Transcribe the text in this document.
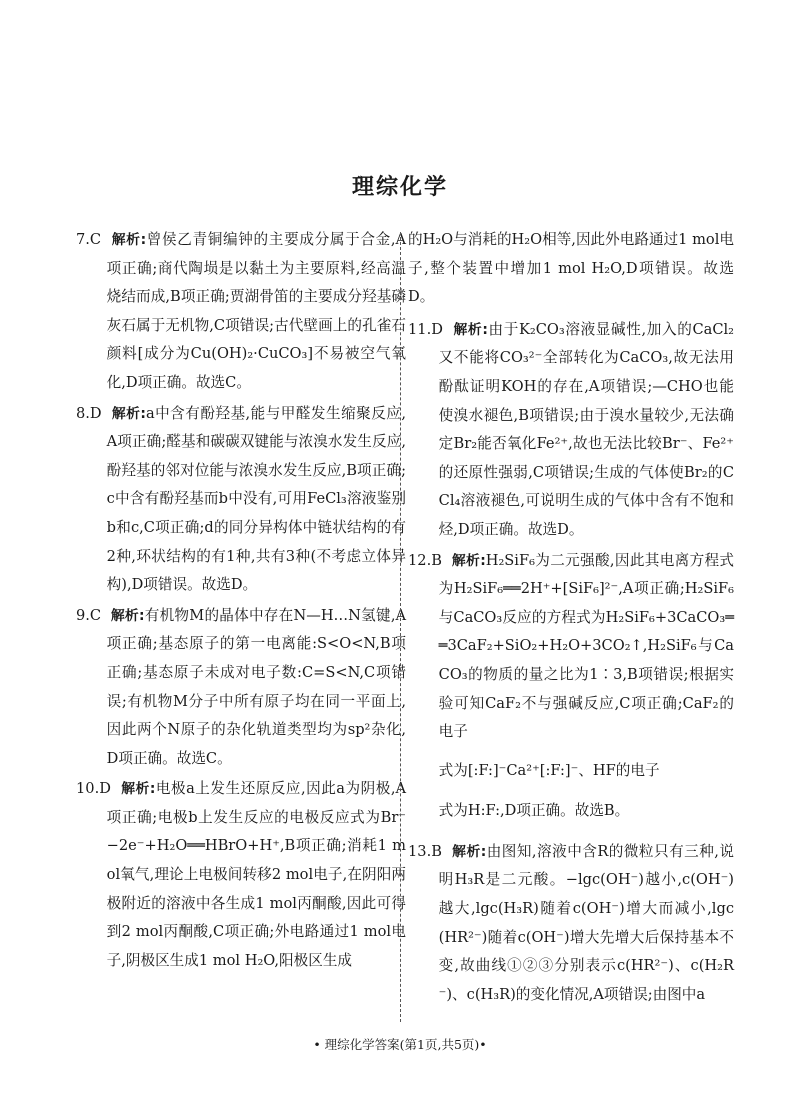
理综化学

7.C 解析:曾侯乙青铜编钟的主要成分属于合金,A项正确;商代陶埙是以黏土为主要原料,经高温烧结而成,B项正确;贾湖骨笛的主要成分羟基磷灰石属于无机物,C项错误;古代壁画上的孔雀石颜料[成分为Cu(OH)₂·CuCO₃]不易被空气氧化,D项正确。故选C。

8.D 解析:a中含有酚羟基,能与甲醛发生缩聚反应,A项正确;醛基和碳碳双键能与浓溴水发生反应,酚羟基的邻对位能与浓溴水发生反应,B项正确;c中含有酚羟基而b中没有,可用FeCl₃溶液鉴别b和c,C项正确;d的同分异构体中链状结构的有2种,环状结构的有1种,共有3种(不考虑立体异构),D项错误。故选D。

9.C 解析:有机物M的晶体中存在N—H…N氢键,A项正确;基态原子的第一电离能:S<O<N,B项正确;基态原子未成对电子数:C=S<N,C项错误;有机物M分子中所有原子均在同一平面上,因此两个N原子的杂化轨道类型均为sp²杂化,D项正确。故选C。

10.D 解析:电极a上发生还原反应,因此a为阴极,A项正确;电极b上发生反应的电极反应式为Br⁻−2e⁻+H₂O══HBrO+H⁺,B项正确;消耗1 mol氧气,理论上电极间转移2 mol电子,在阴阳两极附近的溶液中各生成1 mol丙酮酸,因此可得到2 mol丙酮酸,C项正确;外电路通过1 mol电子,阴极区生成1 mol H₂O,阳极区生成

的H₂O与消耗的H₂O相等,因此外电路通过1 mol电子,整个装置中增加1 mol H₂O,D项错误。故选D。

11.D 解析:由于K₂CO₃溶液显碱性,加入的CaCl₂又不能将CO₃²⁻全部转化为CaCO₃,故无法用酚酞证明KOH的存在,A项错误;—CHO也能使溴水褪色,B项错误;由于溴水量较少,无法确定Br₂能否氧化Fe²⁺,故也无法比较Br⁻、Fe²⁺的还原性强弱,C项错误;生成的气体使Br₂的CCl₄溶液褪色,可说明生成的气体中含有不饱和烃,D项正确。故选D。

12.B 解析:H₂SiF₆为二元强酸,因此其电离方程式为H₂SiF₆══2H⁺+[SiF₆]²⁻,A项正确;H₂SiF₆与CaCO₃反应的方程式为H₂SiF₆+3CaCO₃══3CaF₂+SiO₂+H₂O+3CO₂↑,H₂SiF₆与CaCO₃的物质的量之比为1∶3,B项错误;根据实验可知CaF₂不与强碱反应,C项正确;CaF₂的电子

式为[:F:]⁻Ca²⁺[:F:]⁻、HF的电子

式为H:F:,D项正确。故选B。

13.B 解析:由图知,溶液中含R的微粒只有三种,说明H₃R是二元酸。−lgc(OH⁻)越小,c(OH⁻)越大,lgc(H₃R)随着c(OH⁻)增大而减小,lgc(HR²⁻)随着c(OH⁻)增大先增大后保持基本不变,故曲线①②③分别表示c(HR²⁻)、c(H₂R⁻)、c(H₃R)的变化情况,A项错误;由图中a

• 理综化学答案(第1页,共5页)•
